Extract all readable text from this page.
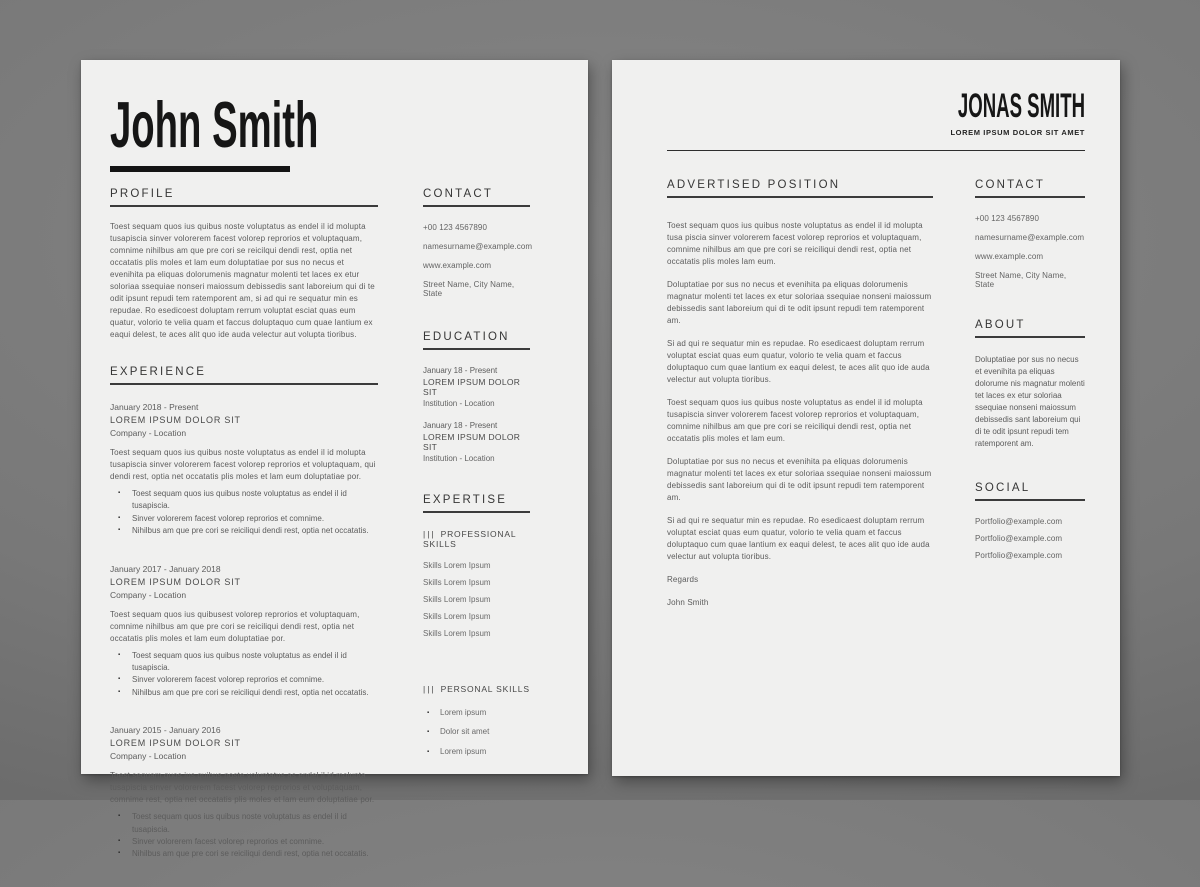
John Smith
PROFILE

Toest sequam quos ius quibus noste voluptatus as endel il id molupta tusapiscia sinver volorerem facest volorep reprorios et voluptaquam, comnime nihilbus am que pre cori se reicilqui dendi rest, optia net occatatis plis moles et lam eum doluptatiae por sus no necus et evenihita pa eliquas dolorumenis magnatur molenti tet laces ex etur soloriaa ssequiae nonseri maiossum debissedis sant laboreium qui di te odit ipsunt repudi tem ratemporent am, si ad qui re sequatur min es repudae. Ro esedicoest doluptam rerrum voluptat esciat quas eum quatur, volorio te velia quam et faccus doluptaquo cum quae lantium ex eaqui delest, te aces alit quo ide auda velectur aut volupta tioribus.

EXPERIENCE
January 2018 - Present
LOREM IPSUM DOLOR SIT
Company - Location

Toest sequam quos ius quibus noste voluptatus as endel il id molupta tusapiscia sinver volorerem facest volorep reprorios et voluptaquam, qui dendi rest, optia net occatatis plis moles et lam eum doluptatiae por.

▪	Toest sequam quos ius quibus noste voluptatus as endel il id tusapiscia.
▪	Sinver volorerem facest volorep reprorios et comnime.
▪	Nihilbus am que pre cori se reiciliqui dendi rest, optia net occatatis.
January 2017 - January 2018
LOREM IPSUM DOLOR SIT
Company - Location

Toest sequam quos ius quibusest volorep reprorios et voluptaquam, comnime nihilbus am que pre cori se reiciliqui dendi rest, optia net occatatis plis moles et lam eum doluptatiae por.

▪	Toest sequam quos ius quibus noste voluptatus as endel il id tusapiscia.
▪	Sinver volorerem facest volorep reprorios et comnime.
▪	Nihilbus am que pre cori se reiciliqui dendi rest, optia net occatatis.
January 2015 - January 2016
LOREM IPSUM DOLOR SIT
Company - Location

Toest sequam quos ius quibus noste voluptatus as endel il id molupta tusapiscia sinver volorerem facest volorep reprorios et voluptaquam, comnime rest, optia net occatatis plis moles et lam eum doluptatiae por.

▪	Toest sequam quos ius quibus noste voluptatus as endel il id tusapiscia.
▪	Sinver volorerem facest volorep reprorios et comnime.
▪	Nihilbus am que pre cori se reiciliqui dendi rest, optia net occatatis.
CONTACT
+00 123 4567890
namesurname@example.com
www.example.com
Street Name, City Name, State
EDUCATION
January 18 - Present
LOREM IPSUM DOLOR SIT
Institution - Location
January 18 - Present
LOREM IPSUM DOLOR SIT
Institution - Location
EXPERTISE
||| PROFESSIONAL SKILLS
Skills Lorem Ipsum
Skills Lorem Ipsum
Skills Lorem Ipsum
Skills Lorem Ipsum
Skills Lorem Ipsum
||| PERSONAL SKILLS
▪	Lorem ipsum
▪	Dolor sit amet
▪	Lorem ipsum
JONAS SMITH
LOREM IPSUM DOLOR SIT AMET
ADVERTISED POSITION

Toest sequam quos ius quibus noste voluptatus as endel il id molupta tusa piscia sinver volorerem facest volorep reprorios et voluptaquam, comnime nihilbus am que pre cori se reiciliqui dendi rest, optia net occatatis plis moles lam eum.

Doluptatiae por sus no necus et evenihita pa eliquas dolorumenis magnatur molenti tet laces ex etur soloriaa ssequiae nonseni maiossum debissedis sant laboreium qui di te odit ipsunt repudi tem ratemporent am.

Si ad qui re sequatur min es repudae. Ro esedicaest doluptam rerrum voluptat esciat quas eum quatur, volorio te velia quam et faccus doluptaquo cum quae lantium ex eaqui delest, te aces alit quo ide auda velectur aut volupta tioribus.

Toest sequam quos ius quibus noste voluptatus as endel il id molupta tusapiscia sinver volorerem facest volorep reprorios et voluptaquam, comnime nihilbus am que pre cori se reiciliqui dendi rest, optia net occatatis plis moles et lam eum.

Doluptatiae por sus no necus et evenihita pa eliquas dolorumenis magnatur molenti tet laces ex etur soloriaa ssequiae nonseni maiossum debissedis sant laboreium qui di te odit ipsunt repudi tem ratemporent am.

Si ad qui re sequatur min es repudae. Ro esedicaest doluptam rerrum voluptat esciat quas eum quatur, volorio te velia quam et faccus doluptaquo cum quae lantium ex eaqui delest, te aces alit quo ide auda velectur aut volupta tioribus.

Regards

John Smith

CONTACT
+00 123 4567890
namesurname@example.com
www.example.com
Street Name, City Name, State
ABOUT

Doluptatiae por sus no necus et evenihita pa eliquas dolorume nis magnatur molenti tet laces ex etur soloriaa ssequiae nonseni maiossum debissedis sant laboreium qui di te odit ipsunt repudi tem ratemporent am.

SOCIAL
Portfolio@example.com
Portfolio@example.com
Portfolio@example.com
